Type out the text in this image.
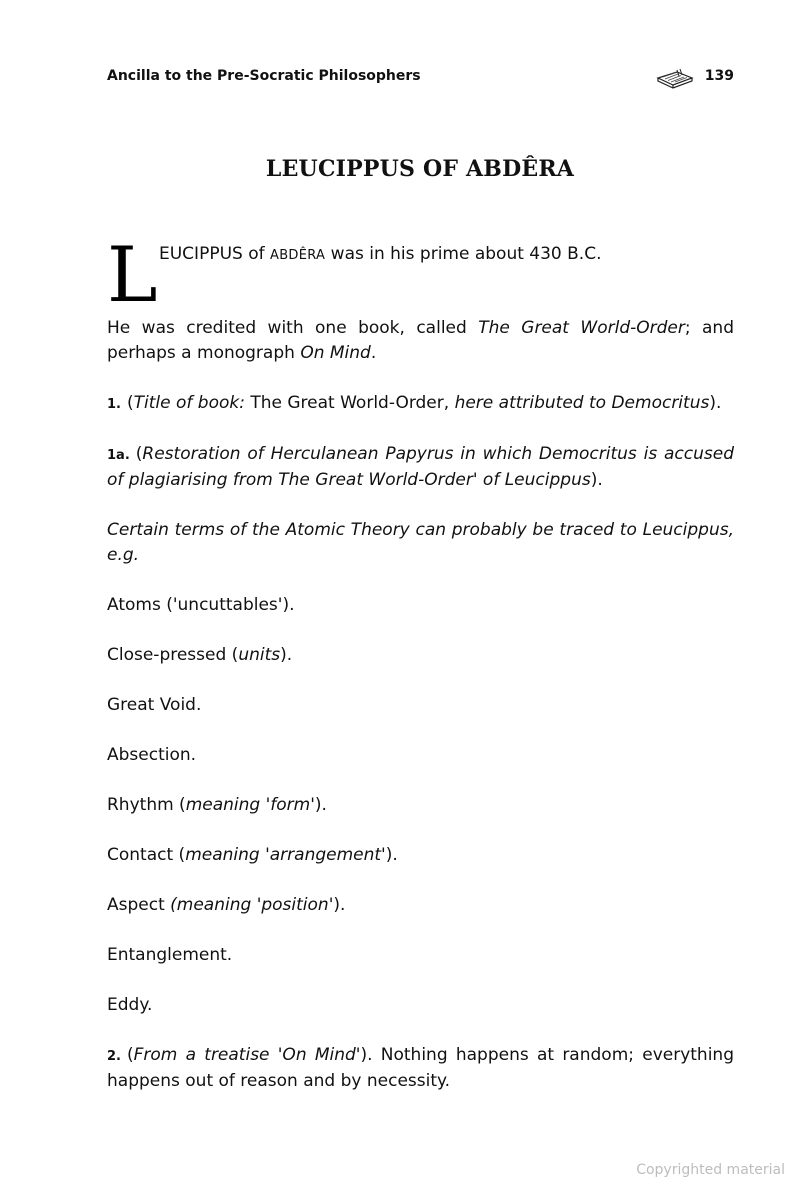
Ancilla to the Pre-Socratic Philosophers	139
LEUCIPPUS OF ABDÊRA
L EUCIPPUS of ABDÊRA was in his prime about 430 B.C.

He was credited with one book, called The Great World-Order; and perhaps a monograph On Mind.

1. (Title of book: The Great World-Order, here attributed to Democritus).

1a. (Restoration of Herculanean Papyrus in which Democritus is accused of plagiarising from The Great World-Order' of Leucippus).

Certain terms of the Atomic Theory can probably be traced to Leucippus, e.g.

Atoms ('uncuttables').

Close-pressed (units).

Great Void.

Absection.

Rhythm (meaning 'form').

Contact (meaning 'arrangement').

Aspect (meaning 'position').

Entanglement.

Eddy.

2. (From a treatise 'On Mind'). Nothing happens at random; everything happens out of reason and by necessity.

Copyrighted material
